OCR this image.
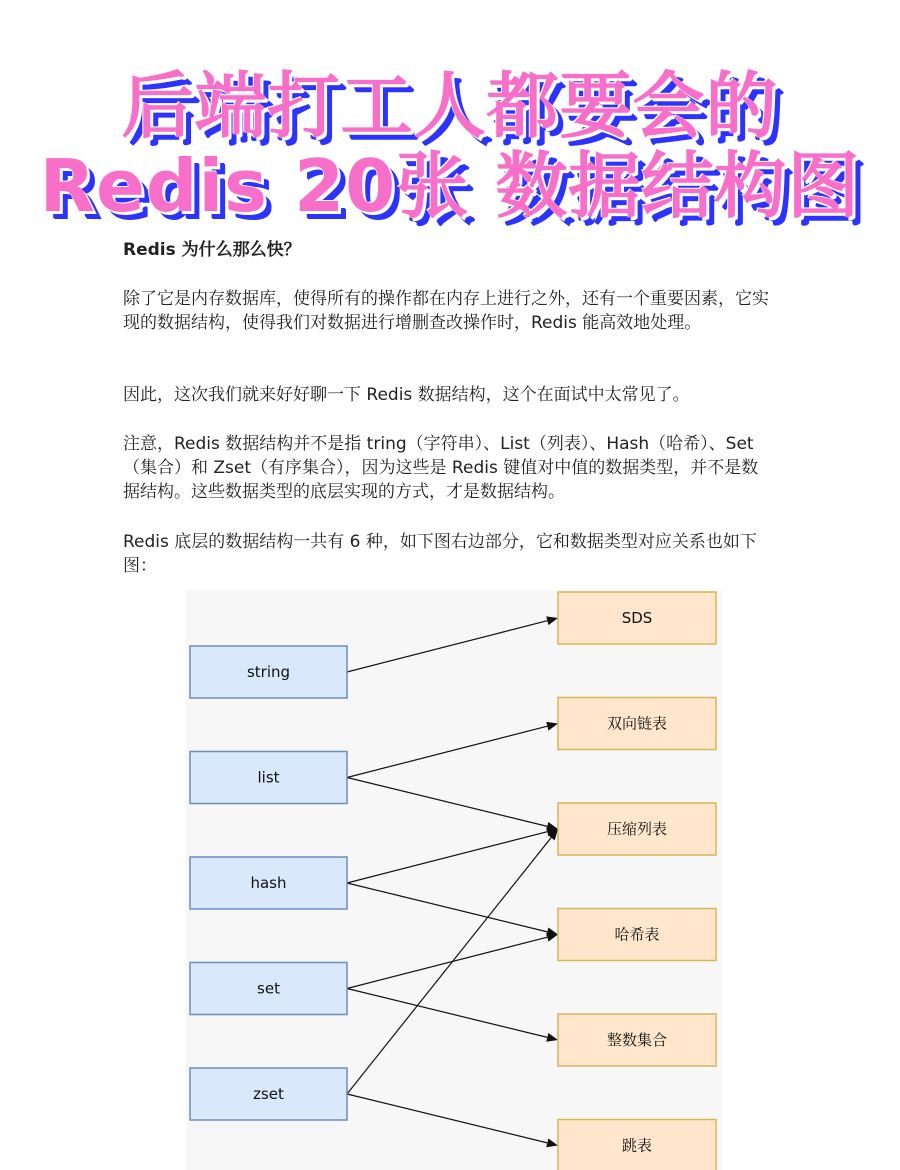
后端打工人都要会的
Redis 20张 数据结构图

Redis 为什么那么快？

除了它是内存数据库，使得所有的操作都在内存上进行之外，还有一个重要因素，它实现的数据结构，使得我们对数据进行增删查改操作时，Redis 能高效地处理。

因此，这次我们就来好好聊一下 Redis 数据结构，这个在面试中太常见了。

注意，Redis 数据结构并不是指 tring（字符串）、List（列表）、Hash（哈希）、Set（集合）和 Zset（有序集合），因为这些是 Redis 键值对中值的数据类型，并不是数据结构。这些数据类型的底层实现的方式，才是数据结构。

Redis 底层的数据结构一共有 6 种，如下图右边部分，它和数据类型对应关系也如下图：

string
list
hash
set
zset
SDS
双向链表
压缩列表
哈希表
整数集合
跳表
